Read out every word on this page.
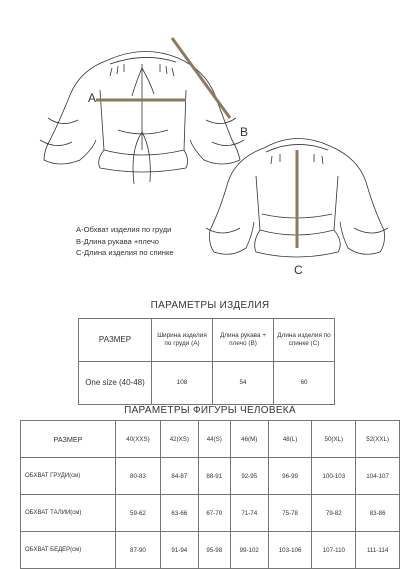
A
B
C
A-Обхват изделия по груди
B-Длина рукава +плечо
C-Длина изделия по спинке
ПАРАМЕТРЫ ИЗДЕЛИЯ
РАЗМЕР	Ширина изделия по груди (А)	Длина рукава + плечо (В)	Длина изделия по спинке (С)
One size (40-48)	108	54	60
ПАРАМЕТРЫ ФИГУРЫ ЧЕЛОВЕКА
РАЗМЕР	40(XXS)	42(XS)	44(S)	46(M)	48(L)	50(XL)	52(XXL)
ОБХВАТ ГРУДИ(см)	80-83	84-87	88-91	92-95	96-99	100-103	104-107
ОБХВАТ ТАЛИИ(см)	59-62	63-66	67-70	71-74	75-78	79-82	83-86
ОБХВАТ БЕДЕР(см)	87-90	91-94	95-98	99-102	103-106	107-110	111-114
